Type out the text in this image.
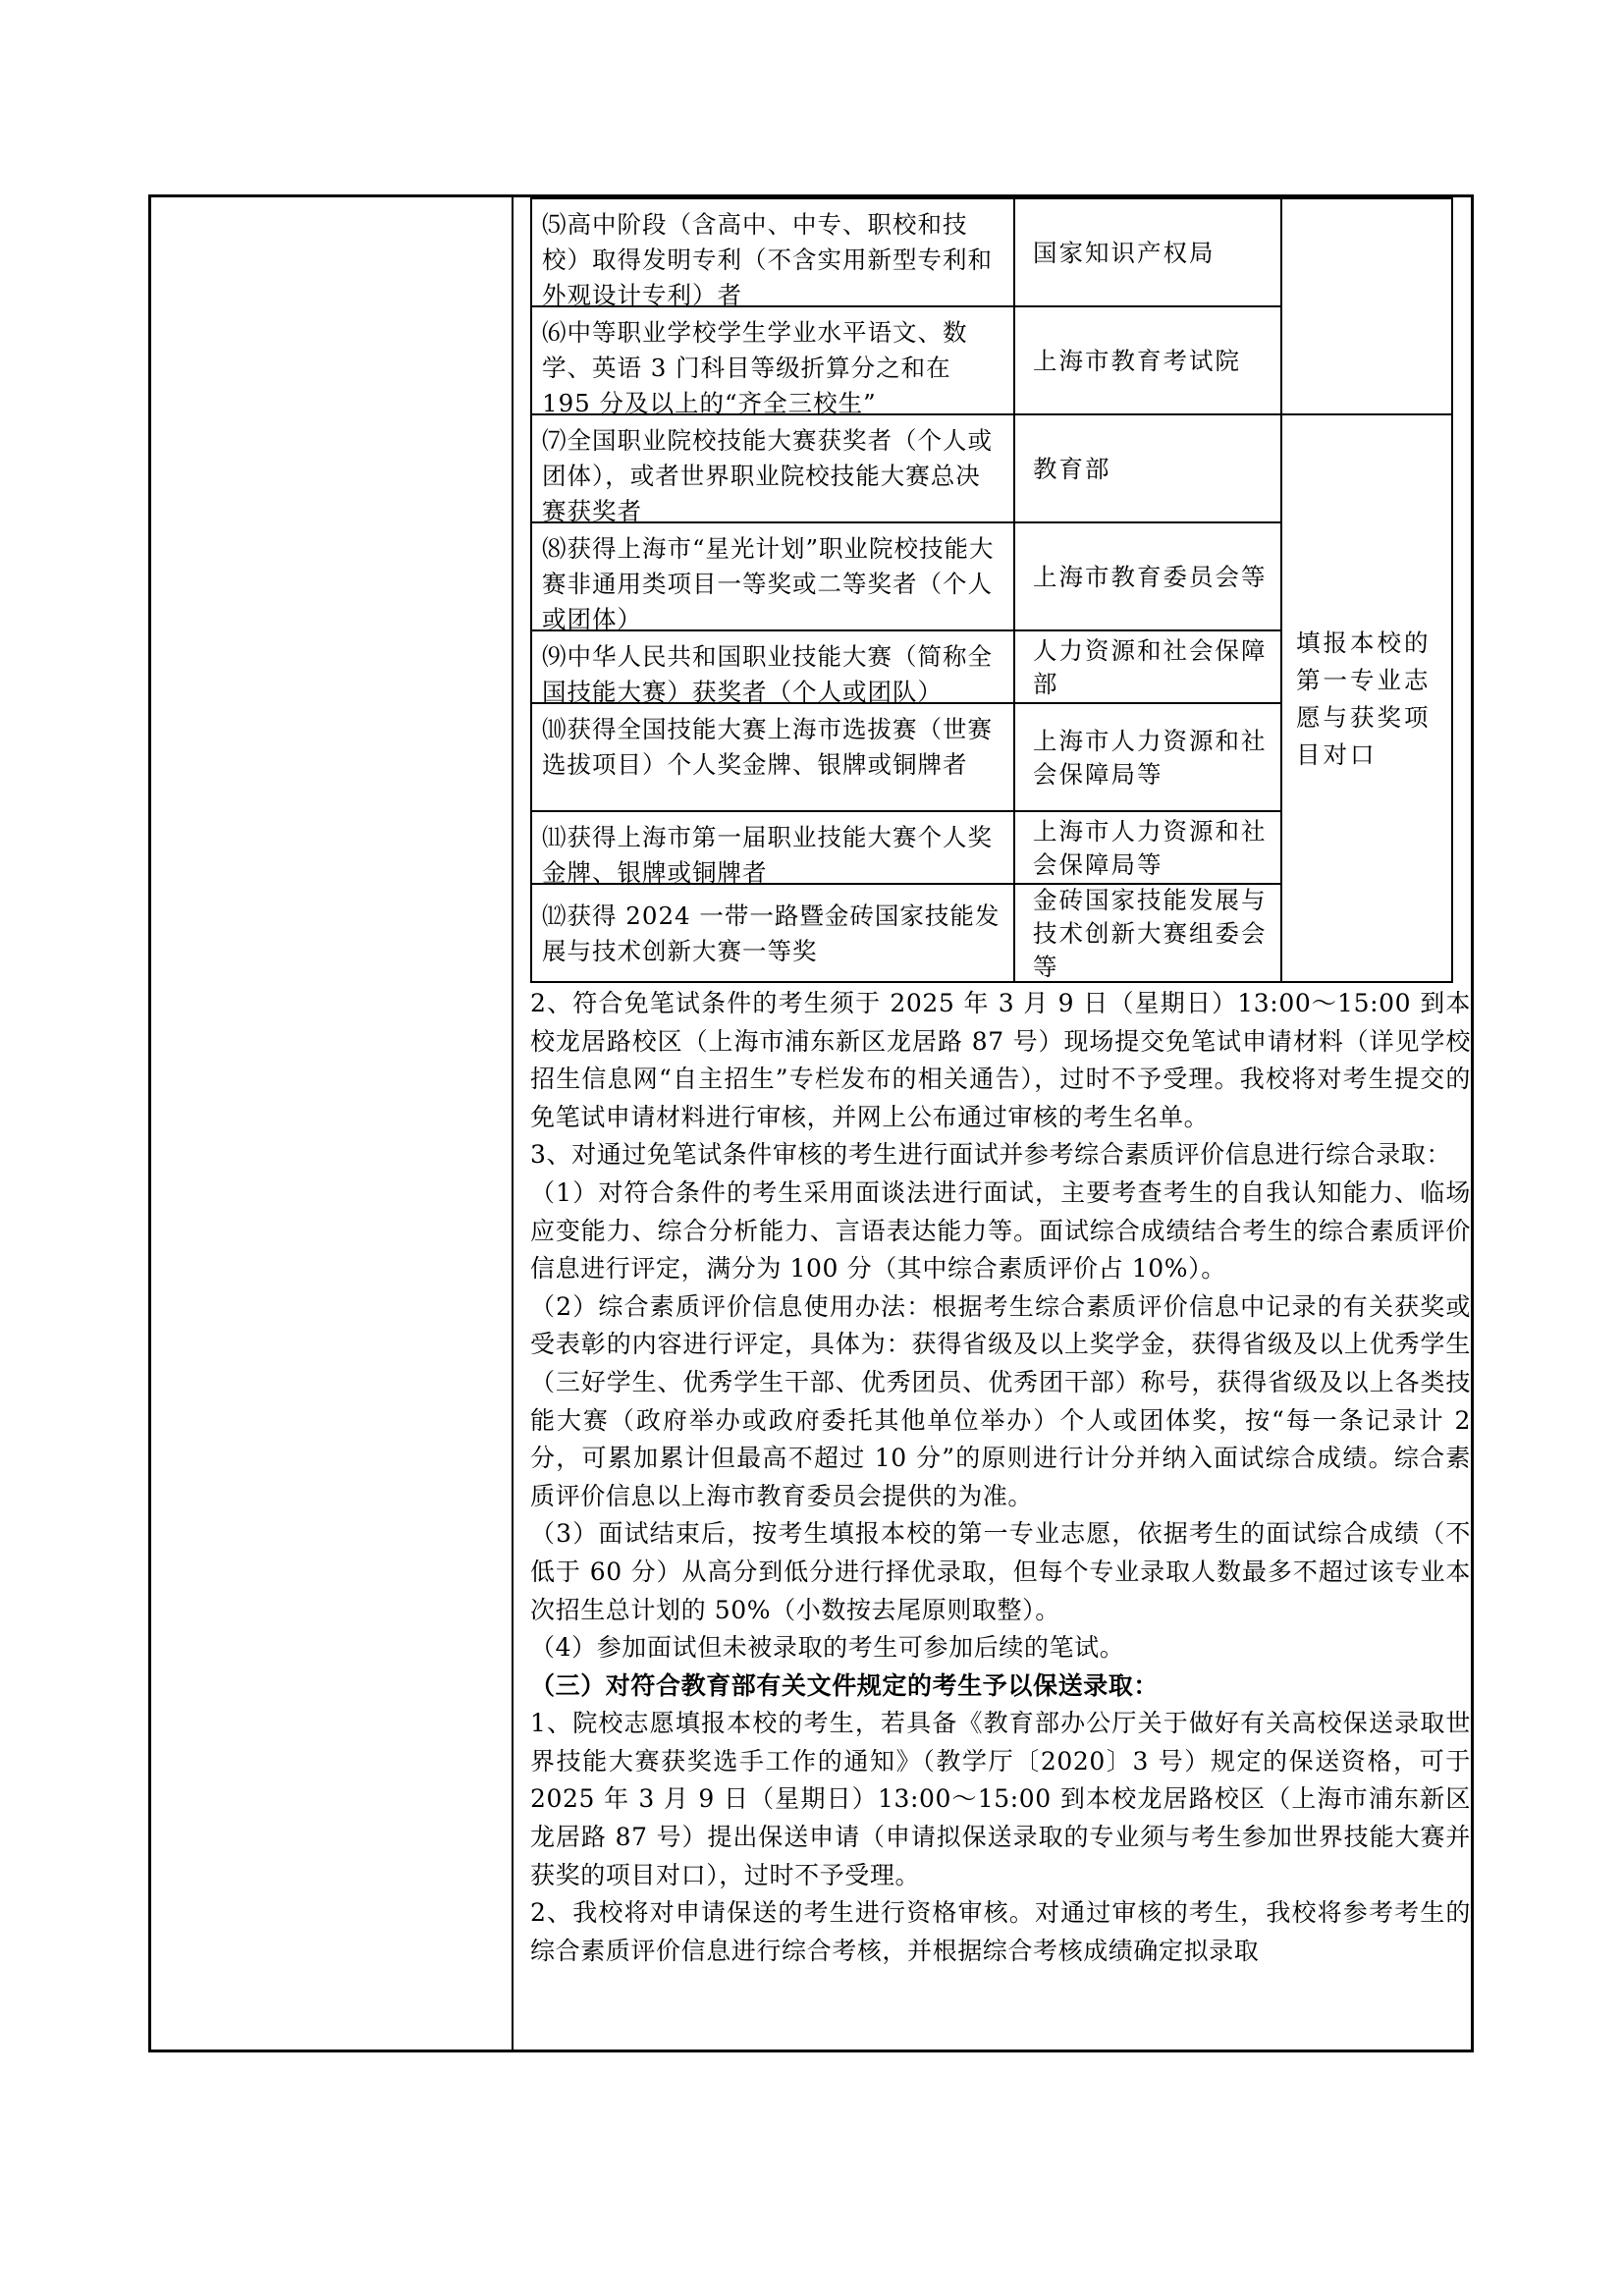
⑸高中阶段（含高中、中专、职校和技校）取得发明专利（不含实用新型专利和外观设计专利）者
⑹中等职业学校学生学业水平语文、数学、英语 3 门科目等级折算分之和在 195 分及以上的“齐全三校生”
⑺全国职业院校技能大赛获奖者（个人或团体），或者世界职业院校技能大赛总决赛获奖者
⑻获得上海市“星光计划”职业院校技能大赛非通用类项目一等奖或二等奖者（个人或团体）
⑼中华人民共和国职业技能大赛（简称全国技能大赛）获奖者（个人或团队）
⑽获得全国技能大赛上海市选拔赛（世赛选拔项目）个人奖金牌、银牌或铜牌者
⑾获得上海市第一届职业技能大赛个人奖金牌、银牌或铜牌者
⑿获得 2024 一带一路暨金砖国家技能发展与技术创新大赛一等奖
国家知识产权局
上海市教育考试院
教育部
上海市教育委员会等
人力资源和社会保障部
上海市人力资源和社会保障局等
上海市人力资源和社会保障局等
金砖国家技能发展与技术创新大赛组委会等
填报本校的第一专业志愿与获奖项目对口

2、符合免笔试条件的考生须于 2025 年 3 月 9 日（星期日）13:00～15:00 到本校龙居路校区（上海市浦东新区龙居路 87 号）现场提交免笔试申请材料（详见学校招生信息网“自主招生”专栏发布的相关通告），过时不予受理。我校将对考生提交的免笔试申请材料进行审核，并网上公布通过审核的考生名单。

3、对通过免笔试条件审核的考生进行面试并参考综合素质评价信息进行综合录取：

（1）对符合条件的考生采用面谈法进行面试，主要考查考生的自我认知能力、临场应变能力、综合分析能力、言语表达能力等。面试综合成绩结合考生的综合素质评价信息进行评定，满分为 100 分（其中综合素质评价占 10%）。

（2）综合素质评价信息使用办法：根据考生综合素质评价信息中记录的有关获奖或受表彰的内容进行评定，具体为：获得省级及以上奖学金，获得省级及以上优秀学生（三好学生、优秀学生干部、优秀团员、优秀团干部）称号，获得省级及以上各类技能大赛（政府举办或政府委托其他单位举办）个人或团体奖，按“每一条记录计 2 分，可累加累计但最高不超过 10 分”的原则进行计分并纳入面试综合成绩。综合素质评价信息以上海市教育委员会提供的为准。

（3）面试结束后，按考生填报本校的第一专业志愿，依据考生的面试综合成绩（不低于 60 分）从高分到低分进行择优录取，但每个专业录取人数最多不超过该专业本次招生总计划的 50%（小数按去尾原则取整）。

（4）参加面试但未被录取的考生可参加后续的笔试。

（三）对符合教育部有关文件规定的考生予以保送录取：

1、院校志愿填报本校的考生，若具备《教育部办公厅关于做好有关高校保送录取世界技能大赛获奖选手工作的通知》（教学厅〔2020〕3 号）规定的保送资格，可于 2025 年 3 月 9 日（星期日）13:00～15:00 到本校龙居路校区（上海市浦东新区龙居路 87 号）提出保送申请（申请拟保送录取的专业须与考生参加世界技能大赛并获奖的项目对口），过时不予受理。

2、我校将对申请保送的考生进行资格审核。对通过审核的考生，我校将参考考生的综合素质评价信息进行综合考核，并根据综合考核成绩确定拟录取
